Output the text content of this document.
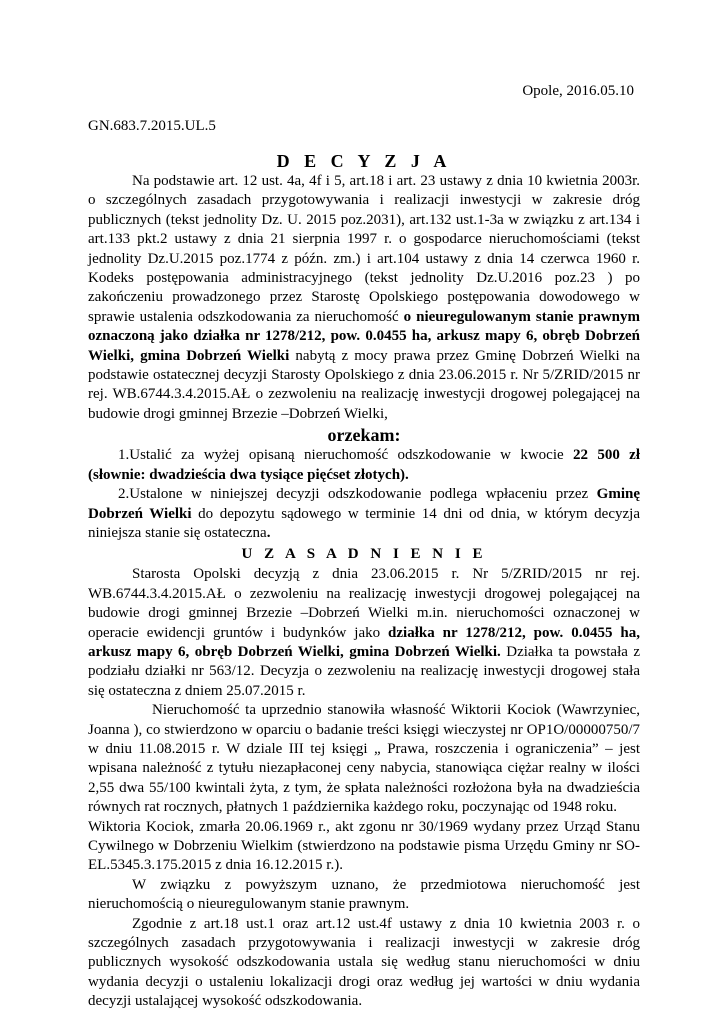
Opole, 2016.05.10
GN.683.7.2015.UL.5

D E C Y Z J A

Na podstawie art. 12 ust. 4a, 4f i 5, art.18 i art. 23 ustawy z dnia 10 kwietnia 2003r. o szczególnych zasadach przygotowywania i realizacji inwestycji w zakresie dróg publicznych (tekst jednolity Dz. U. 2015 poz.2031), art.132 ust.1-3a w związku z art.134 i art.133 pkt.2 ustawy z dnia 21 sierpnia 1997 r. o gospodarce nieruchomościami (tekst jednolity Dz.U.2015 poz.1774 z późn. zm.) i art.104 ustawy z dnia 14 czerwca 1960 r. Kodeks postępowania administracyjnego (tekst jednolity Dz.U.2016 poz.23 ) po zakończeniu prowadzonego przez Starostę Opolskiego postępowania dowodowego w sprawie ustalenia odszkodowania za nieruchomość o nieuregulowanym stanie prawnym oznaczoną jako działka nr 1278/212, pow. 0.0455 ha, arkusz mapy 6, obręb Dobrzeń Wielki, gmina Dobrzeń Wielki nabytą z mocy prawa przez Gminę Dobrzeń Wielki na podstawie ostatecznej decyzji Starosty Opolskiego z dnia 23.06.2015 r. Nr 5/ZRID/2015 nr rej. WB.6744.3.4.2015.AŁ o zezwoleniu na realizację inwestycji drogowej polegającej na budowie drogi gminnej Brzezie –Dobrzeń Wielki,

orzekam:

1.Ustalić za wyżej opisaną nieruchomość odszkodowanie w kwocie 22 500 zł (słownie: dwadzieścia dwa tysiące pięćset złotych).

2.Ustalone w niniejszej decyzji odszkodowanie podlega wpłaceniu przez Gminę Dobrzeń Wielki do depozytu sądowego w terminie 14 dni od dnia, w którym decyzja niniejsza stanie się ostateczna.

U Z A S A D N I E N I E

Starosta Opolski decyzją z dnia 23.06.2015 r. Nr 5/ZRID/2015 nr rej. WB.6744.3.4.2015.AŁ o zezwoleniu na realizację inwestycji drogowej polegającej na budowie drogi gminnej Brzezie –Dobrzeń Wielki m.in. nieruchomości oznaczonej w operacie ewidencji gruntów i budynków jako działka nr 1278/212, pow. 0.0455 ha, arkusz mapy 6, obręb Dobrzeń Wielki, gmina Dobrzeń Wielki. Działka ta powstała z podziału działki nr 563/12. Decyzja o zezwoleniu na realizację inwestycji drogowej stała się ostateczna z dniem 25.07.2015 r.

Nieruchomość ta uprzednio stanowiła własność Wiktorii Kociok (Wawrzyniec, Joanna ), co stwierdzono w oparciu o badanie treści księgi wieczystej nr OP1O/00000750/7 w dniu 11.08.2015 r. W dziale III tej księgi „ Prawa, roszczenia i ograniczenia” – jest wpisana należność z tytułu niezapłaconej ceny nabycia, stanowiąca ciężar realny w ilości 2,55 dwa 55/100 kwintali żyta, z tym, że spłata należności rozłożona była na dwadzieścia równych rat rocznych, płatnych 1 października każdego roku, poczynając od 1948 roku.

Wiktoria Kociok, zmarła 20.06.1969 r., akt zgonu nr 30/1969 wydany przez Urząd Stanu Cywilnego w Dobrzeniu Wielkim (stwierdzono na podstawie pisma Urzędu Gminy nr SO-EL.5345.3.175.2015 z dnia 16.12.2015 r.).

W związku z powyższym uznano, że przedmiotowa nieruchomość jest nieruchomością o nieuregulowanym stanie prawnym.

Zgodnie z art.18 ust.1 oraz art.12 ust.4f ustawy z dnia 10 kwietnia 2003 r. o szczególnych zasadach przygotowywania i realizacji inwestycji w zakresie dróg publicznych wysokość odszkodowania ustala się według stanu nieruchomości w dniu wydania decyzji o ustaleniu lokalizacji drogi oraz według jej wartości w dniu wydania decyzji ustalającej wysokość odszkodowania.
